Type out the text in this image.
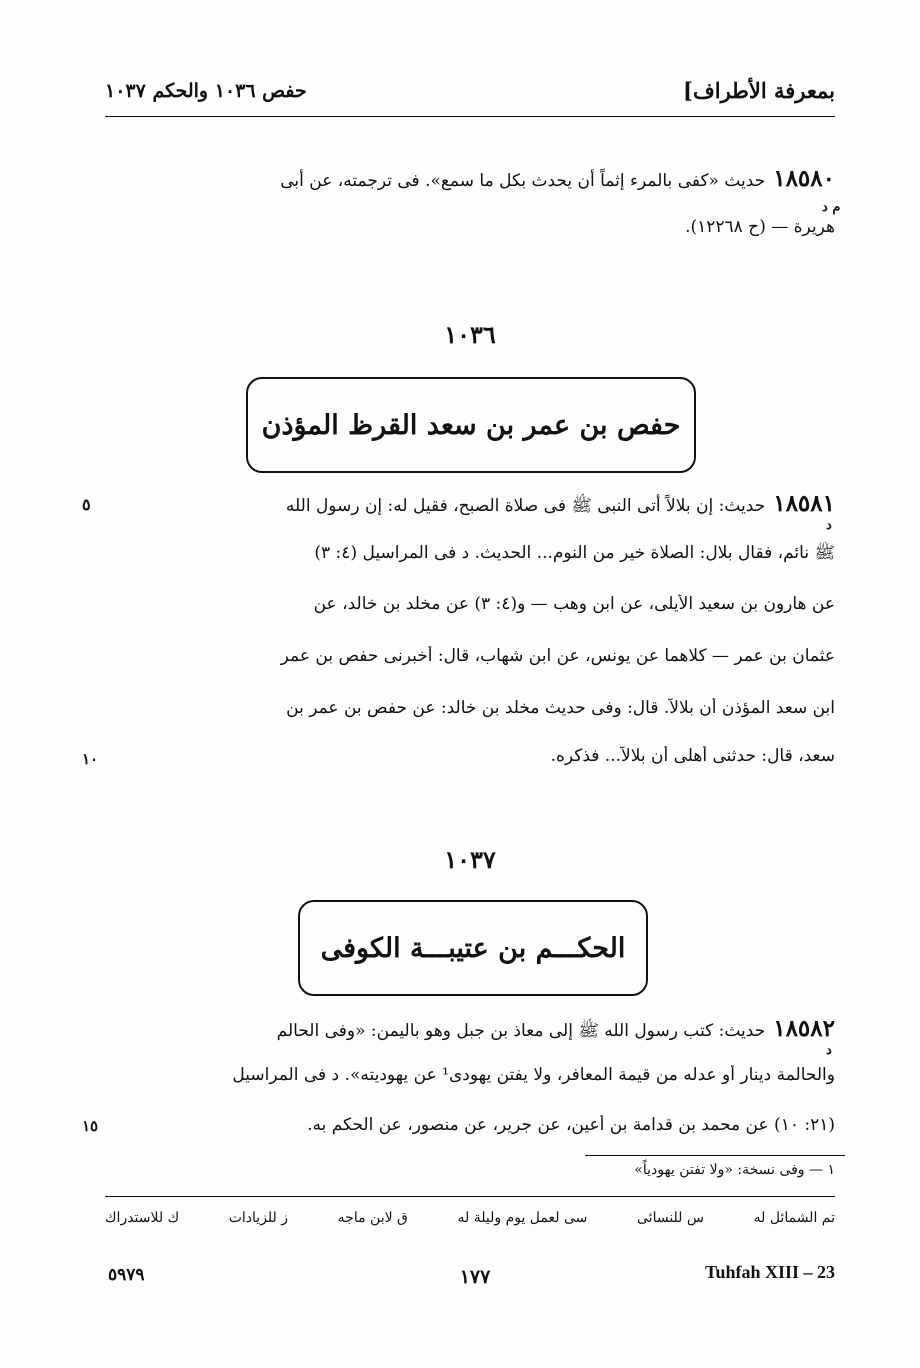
بمعرفة الأطراف]
حفص ١٠٣٦ والحكم ١٠٣٧
١٨٥٨٠حديث «كفى بالمرء إثماً أن يحدث بكل ما سمع». فى ترجمته، عن أبى
هريرة — (ح ١٢٢٦٨).
م د
١٠٣٦
حفص بن عمر بن سعد القرظ المؤذن
٥
د
١٨٥٨١حديث: إن بلالاً أتى النبى ﷺ فى صلاة الصبح، فقيل له: إن رسول الله
ﷺ نائم، فقال بلال: الصلاة خير من النوم... الحديث. د فى المراسيل (٤: ٣)
عن هارون بن سعيد الأيلى، عن ابن وهب — و(٤: ٣) عن مخلد بن خالد، عن
عثمان بن عمر — كلاهما عن يونس، عن ابن شهاب، قال: أخبرنى حفص بن عمر
ابن سعد المؤذن أن بلالاً. قال: وفى حديث مخلد بن خالد: عن حفص بن عمر بن
سعد، قال: حدثنى أهلى أن بلالاً... فذكره.
١٠
١٠٣٧
الحكـــم بن عتيبـــة الكوفى
د
١٨٥٨٢حديث: كتب رسول الله ﷺ إلى معاذ بن جبل وهو باليمن: «وفى الحالم
والحالمة دينار أو عدله من قيمة المعافر، ولا يفتن يهودى¹ عن يهوديته». د فى المراسيل
(٢١: ١٠) عن محمد بن قدامة بن أعين، عن جرير، عن منصور، عن الحكم به.
١٥
١ — وفى نسخة: «ولا تفتن يهودياً»
تم الشمائل له
س للنسائى
سى لعمل يوم وليلة له
ق لابن ماجه
ز للزيادات
ك للاستدراك
٥٩٧٩	١٧٧	Tuhfah XIII – 23
